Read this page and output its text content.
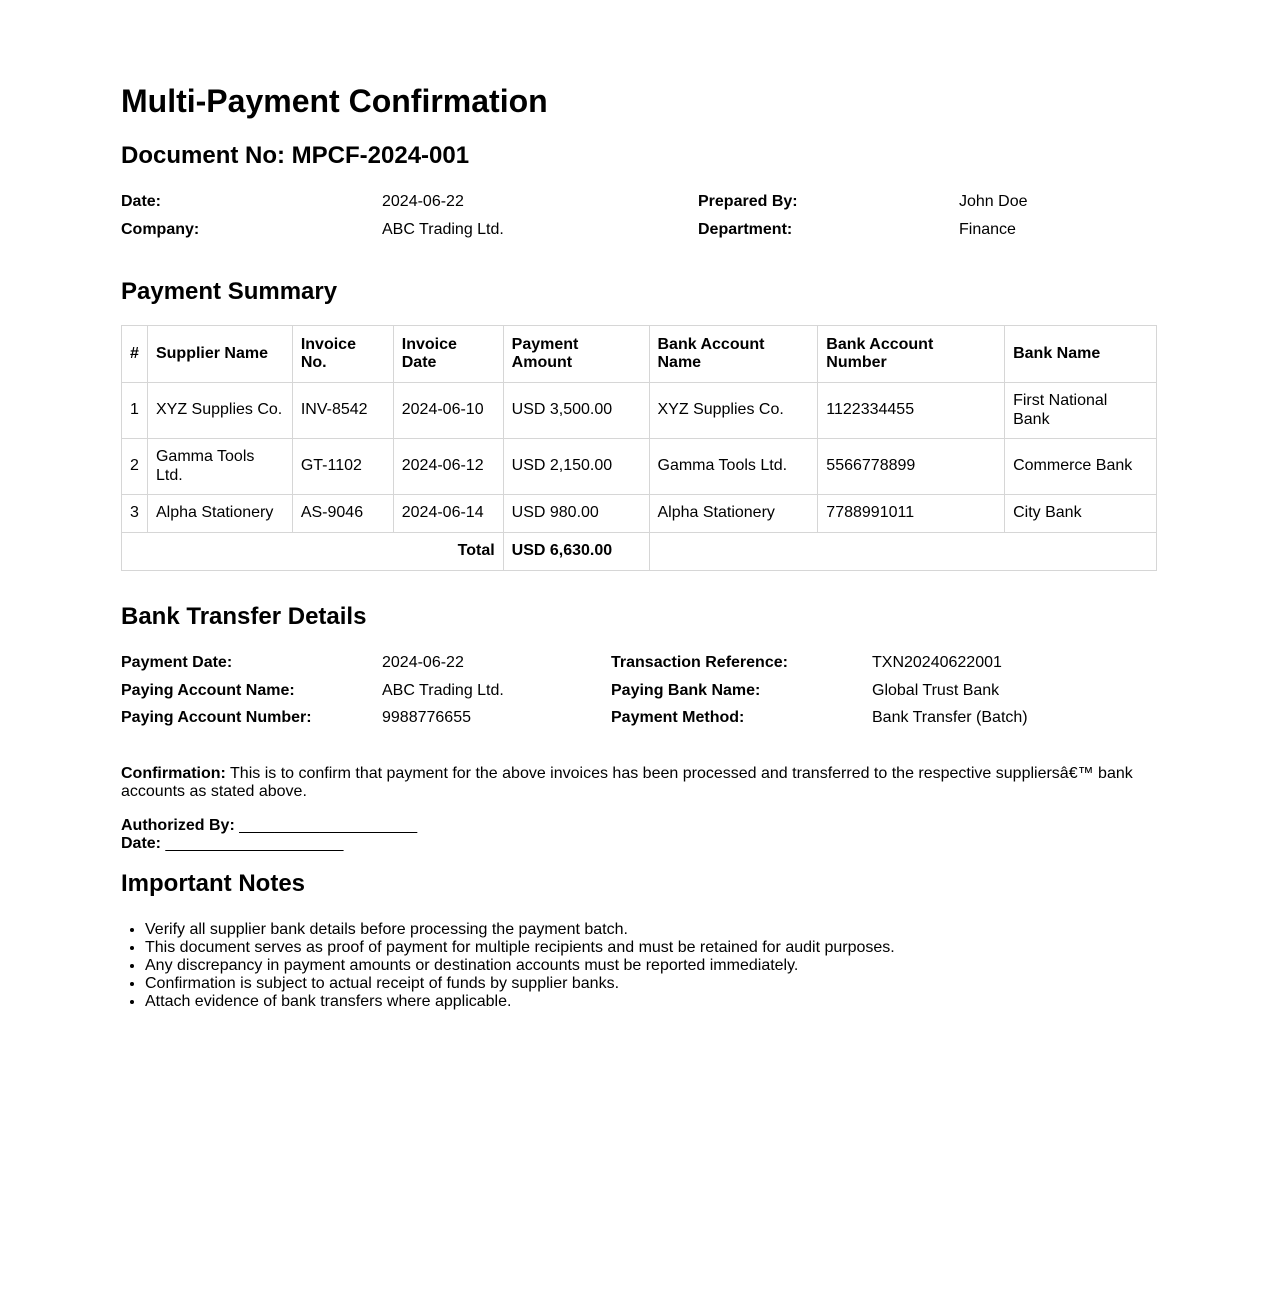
Multi-Payment Confirmation
Document No: MPCF-2024-001
Date:	2024-06-22	Prepared By:	John Doe
Company:	ABC Trading Ltd.	Department:	Finance
Payment Summary
#	Supplier Name	Invoice No.	Invoice Date	Payment Amount	Bank Account Name	Bank Account Number	Bank Name
1	XYZ Supplies Co.	INV-8542	2024-06-10	USD 3,500.00	XYZ Supplies Co.	1122334455	First National Bank
2	Gamma Tools Ltd.	GT-1102	2024-06-12	USD 2,150.00	Gamma Tools Ltd.	5566778899	Commerce Bank
3	Alpha Stationery	AS-9046	2024-06-14	USD 980.00	Alpha Stationery	7788991011	City Bank
Total				USD 6,630.00			
Bank Transfer Details
Payment Date:	2024-06-22	Transaction Reference:	TXN20240622001
Paying Account Name:	ABC Trading Ltd.	Paying Bank Name:	Global Trust Bank
Paying Account Number:	9988776655	Payment Method:	Bank Transfer (Batch)
Confirmation: This is to confirm that payment for the above invoices has been processed and transferred to the respective suppliersâ€™ bank accounts as stated above.
Authorized By: ____________________
Date: ____________________
Important Notes
• Verify all supplier bank details before processing the payment batch.
• This document serves as proof of payment for multiple recipients and must be retained for audit purposes.
• Any discrepancy in payment amounts or destination accounts must be reported immediately.
• Confirmation is subject to actual receipt of funds by supplier banks.
• Attach evidence of bank transfers where applicable.
